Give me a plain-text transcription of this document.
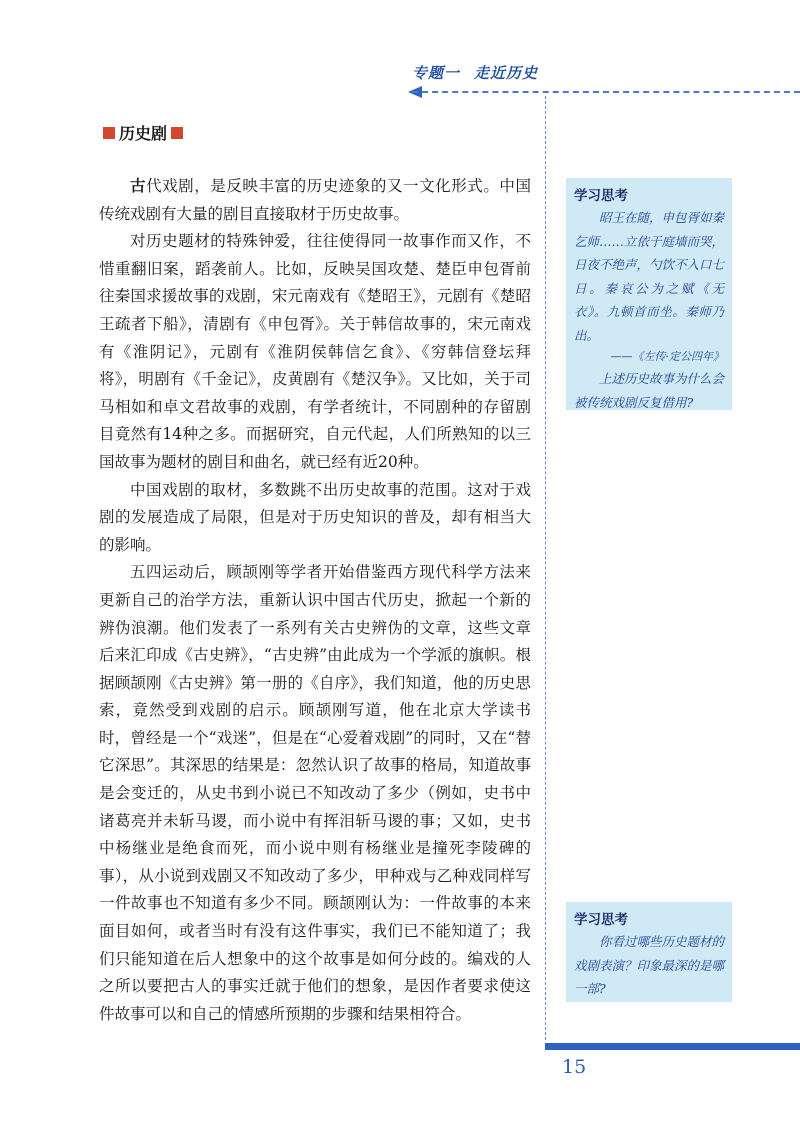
专题一 走近历史
历史剧

古代戏剧，是反映丰富的历史迹象的又一文化形式。中国传统戏剧有大量的剧目直接取材于历史故事。

对历史题材的特殊钟爱，往往使得同一故事作而又作，不惜重翻旧案，蹈袭前人。比如，反映吴国攻楚、楚臣申包胥前往秦国求援故事的戏剧，宋元南戏有《楚昭王》，元剧有《楚昭王疏者下船》，清剧有《申包胥》。关于韩信故事的，宋元南戏有《淮阴记》，元剧有《淮阴侯韩信乞食》、《穷韩信登坛拜将》，明剧有《千金记》，皮黄剧有《楚汉争》。又比如，关于司马相如和卓文君故事的戏剧，有学者统计，不同剧种的存留剧目竟然有14种之多。而据研究，自元代起，人们所熟知的以三国故事为题材的剧目和曲名，就已经有近20种。

中国戏剧的取材，多数跳不出历史故事的范围。这对于戏剧的发展造成了局限，但是对于历史知识的普及，却有相当大的影响。

五四运动后，顾颉刚等学者开始借鉴西方现代科学方法来更新自己的治学方法，重新认识中国古代历史，掀起一个新的辨伪浪潮。他们发表了一系列有关古史辨伪的文章，这些文章后来汇印成《古史辨》，“古史辨”由此成为一个学派的旗帜。根据顾颉刚《古史辨》第一册的《自序》，我们知道，他的历史思索，竟然受到戏剧的启示。顾颉刚写道，他在北京大学读书时，曾经是一个“戏迷”，但是在“心爱着戏剧”的同时，又在“替它深思”。其深思的结果是：忽然认识了故事的格局，知道故事是会变迁的，从史书到小说已不知改动了多少（例如，史书中诸葛亮并未斩马谡，而小说中有挥泪斩马谡的事；又如，史书中杨继业是绝食而死，而小说中则有杨继业是撞死李陵碑的事），从小说到戏剧又不知改动了多少，甲种戏与乙种戏同样写一件故事也不知道有多少不同。顾颉刚认为：一件故事的本来面目如何，或者当时有没有这件事实，我们已不能知道了；我们只能知道在后人想象中的这个故事是如何分歧的。编戏的人之所以要把古人的事实迁就于他们的想象，是因作者要求使这件故事可以和自己的情感所预期的步骤和结果相符合。

学习思考

昭王在随，申包胥如秦乞师……立依于庭墙而哭，日夜不绝声，勺饮不入口七日。秦哀公为之赋《无衣》。九顿首而坐。秦师乃出。

——《左传·定公四年》

上述历史故事为什么会被传统戏剧反复借用?

学习思考

你看过哪些历史题材的戏剧表演？印象最深的是哪一部?

15
